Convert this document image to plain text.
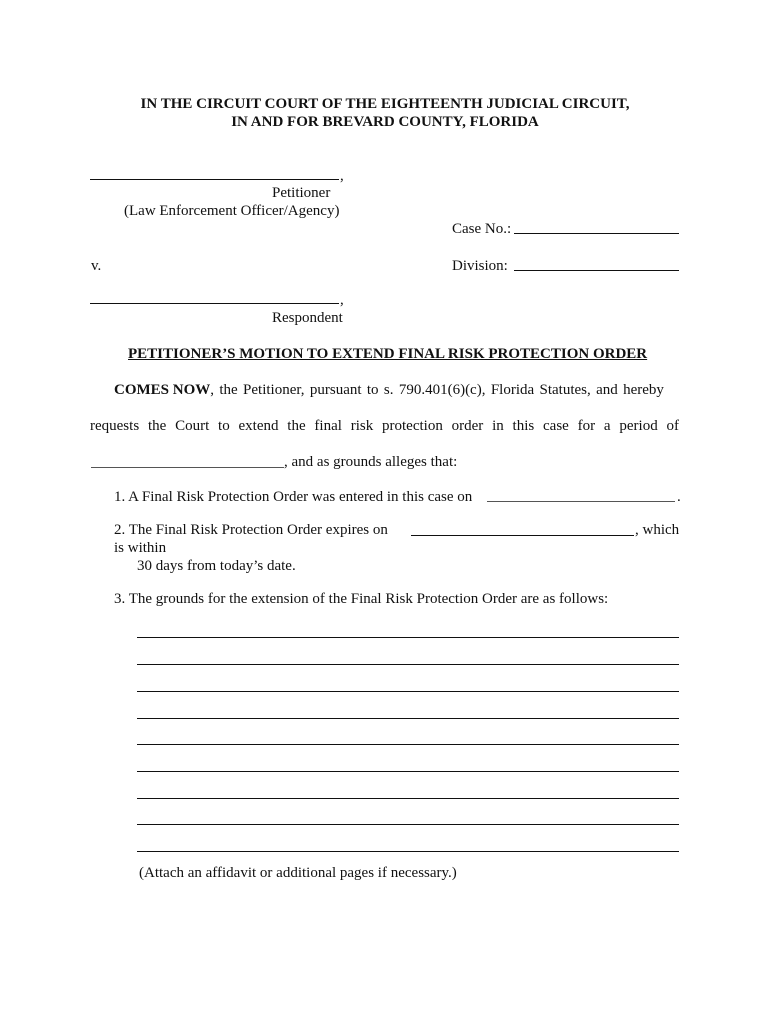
IN THE CIRCUIT COURT OF THE EIGHTEENTH JUDICIAL CIRCUIT,
IN AND FOR BREVARD COUNTY, FLORIDA
,
Petitioner
(Law Enforcement Officer/Agency)
Case No.:
v.	Division:
,
Respondent
PETITIONER’S MOTION TO EXTEND FINAL RISK PROTECTION ORDER
COMES NOW, the Petitioner, pursuant to s. 790.401(6)(c), Florida Statutes, and hereby
requests the Court to extend the final risk protection order in this case for a period of
, and as grounds alleges that:
1. A Final Risk Protection Order was entered in this case on	.
2. The Final Risk Protection Order expires on	, which
is within
30 days from today’s date.
3. The grounds for the extension of the Final Risk Protection Order are as follows:
(Attach an affidavit or additional pages if necessary.)
